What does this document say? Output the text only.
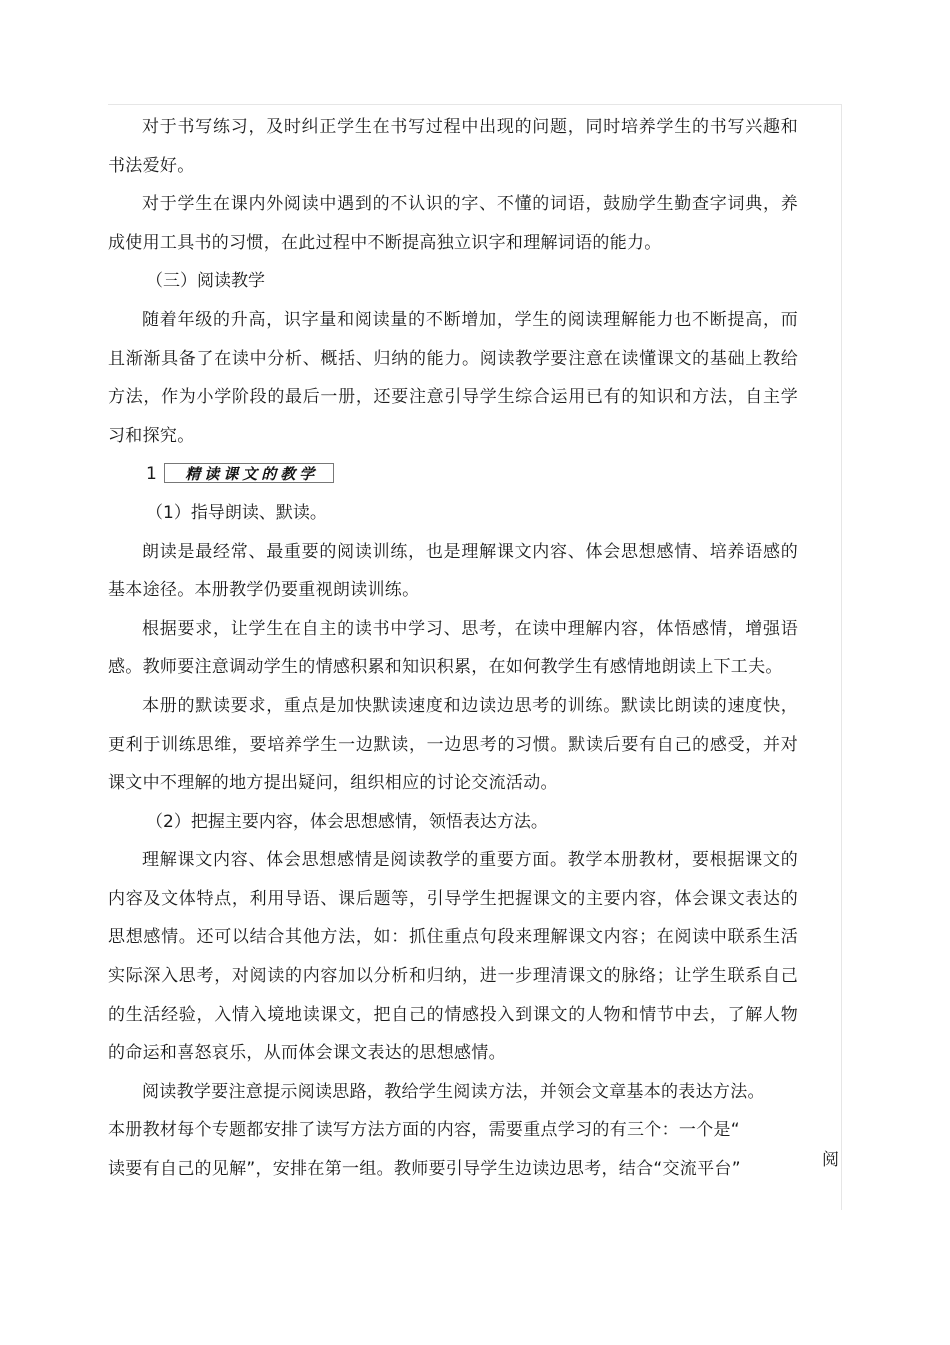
对于书写练习，及时纠正学生在书写过程中出现的问题，同时培养学生的书写兴趣和书法爱好。

对于学生在课内外阅读中遇到的不认识的字、不懂的词语，鼓励学生勤查字词典，养成使用工具书的习惯，在此过程中不断提高独立识字和理解词语的能力。

（三）阅读教学

随着年级的升高，识字量和阅读量的不断增加，学生的阅读理解能力也不断提高，而且渐渐具备了在读中分析、概括、归纳的能力。阅读教学要注意在读懂课文的基础上教给方法，作为小学阶段的最后一册，还要注意引导学生综合运用已有的知识和方法，自主学习和探究。

1 精读课文的教学

（1）指导朗读、默读。

朗读是最经常、最重要的阅读训练，也是理解课文内容、体会思想感情、培养语感的基本途径。本册教学仍要重视朗读训练。

根据要求，让学生在自主的读书中学习、思考，在读中理解内容，体悟感情，增强语感。教师要注意调动学生的情感积累和知识积累，在如何教学生有感情地朗读上下工夫。

本册的默读要求，重点是加快默读速度和边读边思考的训练。默读比朗读的速度快，更利于训练思维，要培养学生一边默读，一边思考的习惯。默读后要有自己的感受，并对课文中不理解的地方提出疑问，组织相应的讨论交流活动。

（2）把握主要内容，体会思想感情，领悟表达方法。

理解课文内容、体会思想感情是阅读教学的重要方面。教学本册教材，要根据课文的内容及文体特点，利用导语、课后题等，引导学生把握课文的主要内容，体会课文表达的思想感情。还可以结合其他方法，如：抓住重点句段来理解课文内容；在阅读中联系生活实际深入思考，对阅读的内容加以分析和归纳，进一步理清课文的脉络；让学生联系自己的生活经验，入情入境地读课文，把自己的情感投入到课文的人物和情节中去，了解人物的命运和喜怒哀乐，从而体会课文表达的思想感情。

阅读教学要注意提示阅读思路，教给学生阅读方法，并领会文章基本的表达方法。

本册教材每个专题都安排了读写方法方面的内容，需要重点学习的有三个：一个是“

读要有自己的见解”，安排在第一组。教师要引导学生边读边思考，结合“交流平台”	阅
